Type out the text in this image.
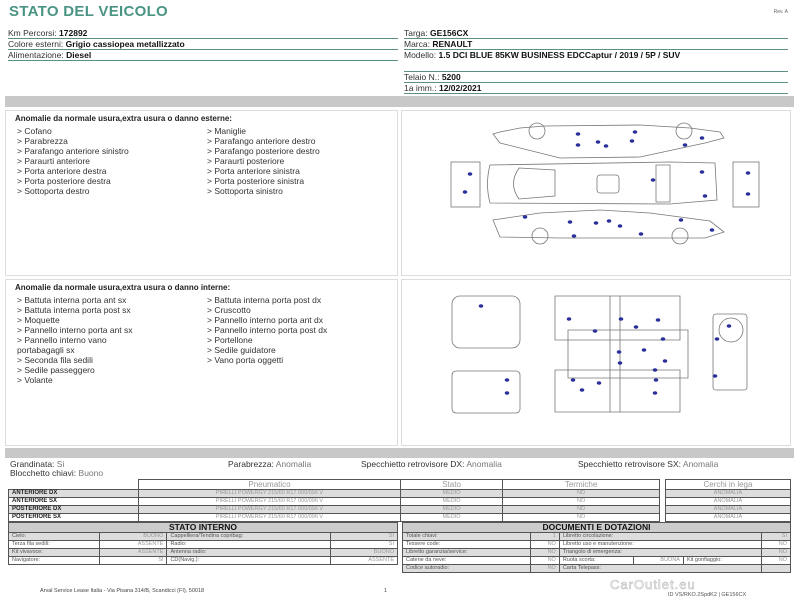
STATO DEL VEICOLO	Rev. A
Km Percorsi: 172892
Colore esterni: Grigio cassiopea metallizzato
Alimentazione: Diesel
Targa: GE156CX
Marca: RENAULT
Modello: 1.5 DCI BLUE 85KW BUSINESS EDCCaptur / 2019 / 5P / SUV
Telaio N.: 5200
1a imm.: 12/02/2021
Anomalie da normale usura,extra usura o danno esterne:
> Cofano
> Parabrezza
> Parafango anteriore sinistro
> Paraurti anteriore
> Porta anteriore destra
> Porta posteriore destra
> Sottoporta destro
> Maniglie
> Parafango anteriore destro
> Parafango posteriore destro
> Paraurti posteriore
> Porta anteriore sinistra
> Porta posteriore sinistra
> Sottoporta sinistro
Anomalie da normale usura,extra usura o danno interne:
> Battuta interna porta ant sx
> Battuta interna porta post sx
> Moquette
> Pannello interno porta ant sx
> Pannello interno vano
portabagagli sx
> Seconda fila sedili
> Sedile passeggero
> Volante
> Battuta interna porta post dx
> Cruscotto
> Pannello interno porta ant dx
> Pannello interno porta post dx
> Portellone
> Sedile guidatore
> Vano porta oggetti
Grandinata: Si
Blocchetto chiavi: Buono
Parabrezza: Anomalia	Specchietto retrovisore DX: Anomalia	Specchietto retrovisore SX: Anomalia
	Pneumatico	Stato	Termiche
ANTERIORE DX	PIRELLI POWERGY 215/60 R17 000/096 V	MEDIO	NO
ANTERIORE SX	PIRELLI POWERGY 215/60 R17 000/096 V	MEDIO	NO
POSTERIORE DX	PIRELLI POWERGY 215/60 R17 000/096 V	MEDIO	NO
POSTERIORE SX	PIRELLI POWERGY 215/60 R17 000/096 V	MEDIO	NO
Cerchi in lega
ANOMALIA
ANOMALIA
ANOMALIA
ANOMALIA
STATO INTERNO			
Cielo:	BUONO	Cappelliera/Tendina copribag:	SI
Terza fila sedili:	ASSENTE	Radio:	SI
Kit vivavoce:	ASSENTE	Antenna radio:	BUONO
Navigatore:	SI	CD(Navig.):	ASSENTE
DOCUMENTI E DOTAZIONI					
Totale chiavi:	1	Libretto circolazione:			SI
Tessere code:	NO	Libretto uso e manutenzione:			NO
Libretto garanzia/service:	NO	Triangolo di emergenza:			NO
Catene da neve:	NO	Ruota scorta:	BUONA	Kit gonfiaggio:	NO
Codice autoradio:	NO	Carta Telepass:			
CarOutlet.eu
Arval Service Lease Italia - Via Pisana 314/B, Scandicci (FI), 50018	1
ID VS/RKO.2SpdK2 | GE156CX
